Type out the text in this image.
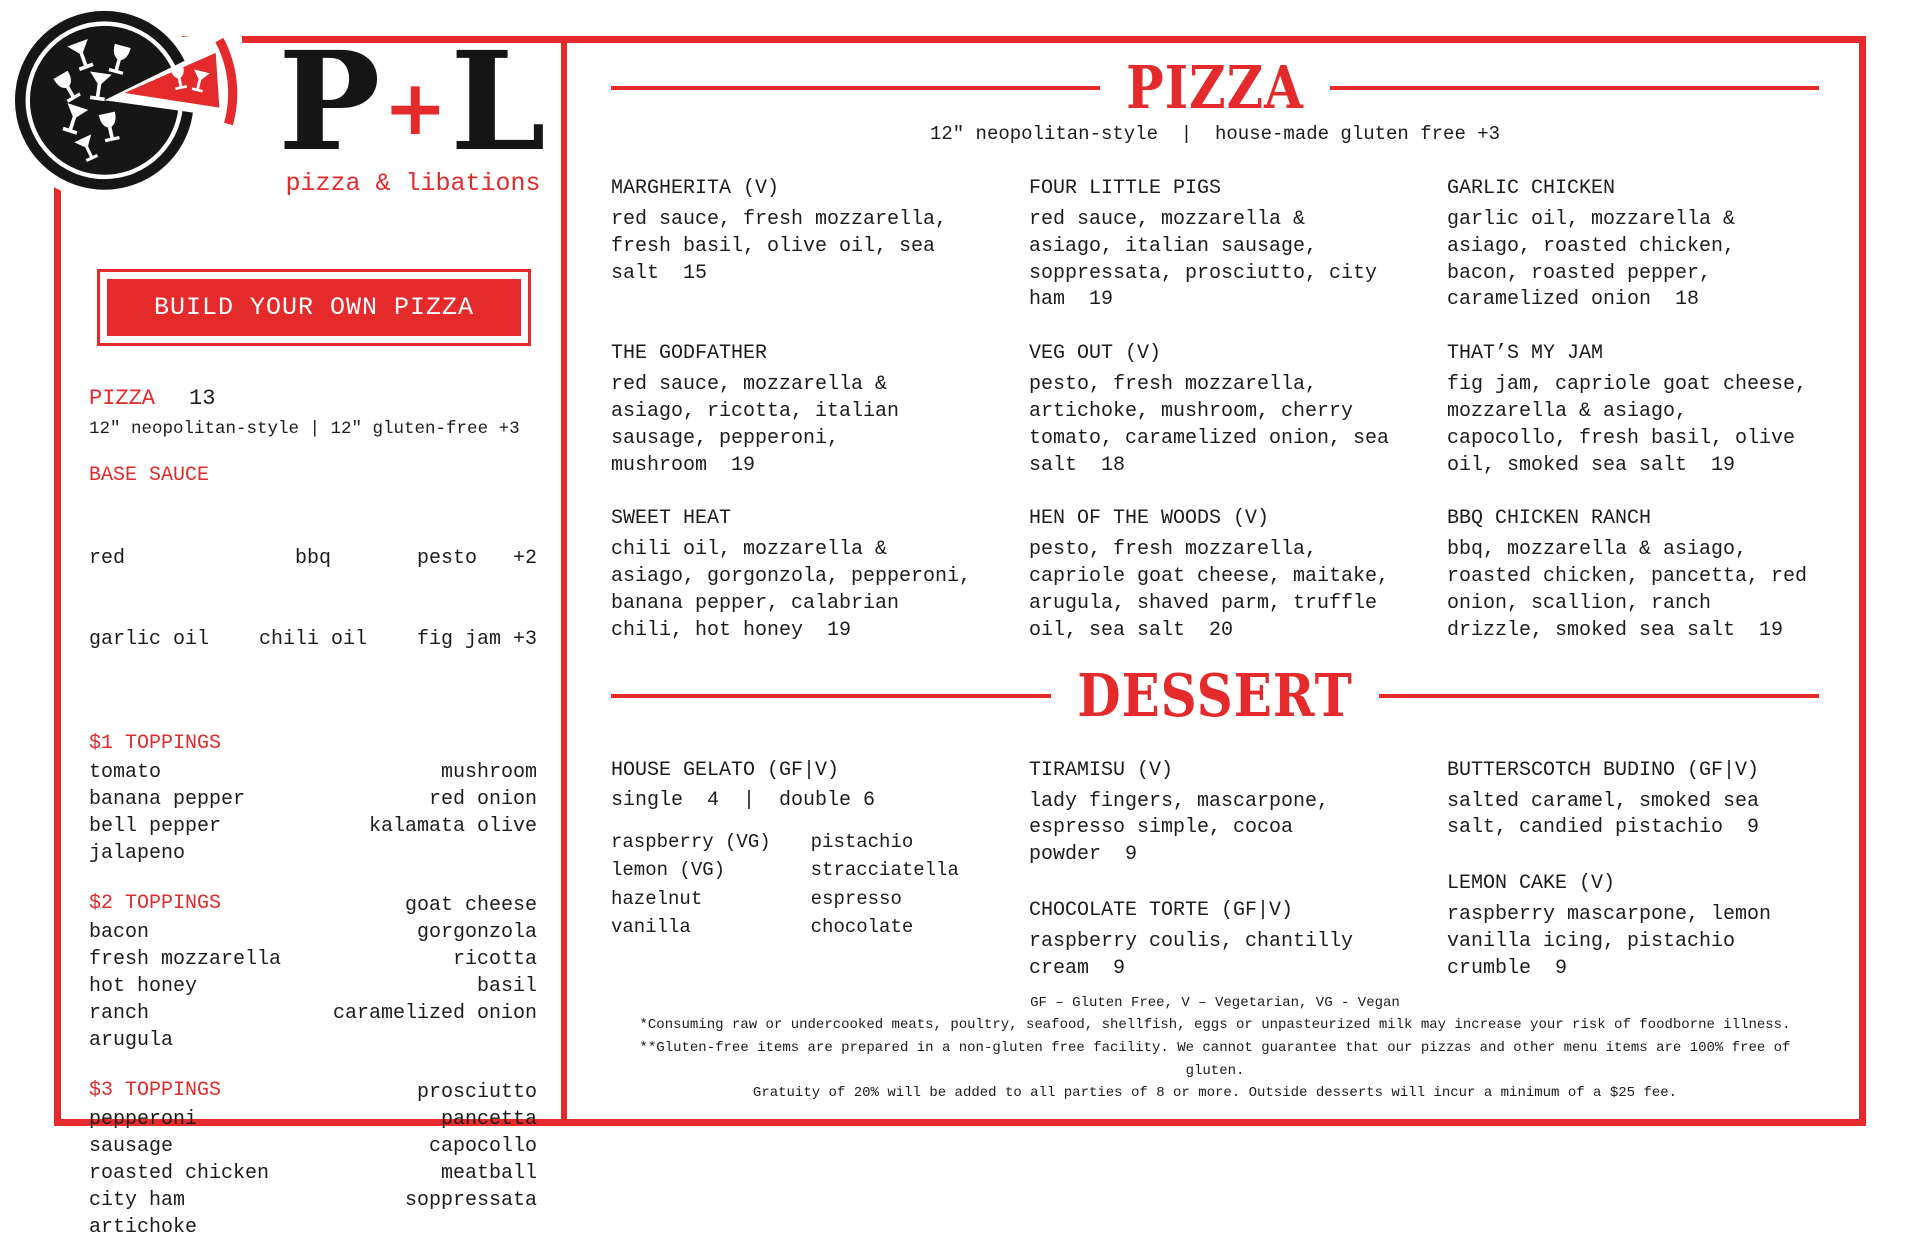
P+L
pizza & libations
BUILD YOUR OWN PIZZA
PIZZA 13
12" neopolitan-style | 12" gluten-free +3
BASE SAUCE

red

garlic oil

bbq

chili oil

pesto   +2

fig jam +3

$1 TOPPINGS
tomato
banana pepper
bell pepper
jalapeno
mushroom
red onion
kalamata olive
$2 TOPPINGS
bacon
fresh mozzarella
hot honey
ranch
arugula
goat cheese
gorgonzola
ricotta
basil
caramelized onion
$3 TOPPINGS
pepperoni
sausage
roasted chicken
city ham
artichoke
prosciutto
pancetta
capocollo
meatball
soppressata
PIZZA
12" neopolitan-style  |  house-made gluten free +3
MARGHERITA (V)
red sauce, fresh mozzarella, fresh basil, olive oil, sea salt 15
FOUR LITTLE PIGS
red sauce, mozzarella & asiago, italian sausage, soppressata, prosciutto, city ham 19
GARLIC CHICKEN
garlic oil, mozzarella & asiago, roasted chicken, bacon, roasted pepper, caramelized onion 18
THE GODFATHER
red sauce, mozzarella & asiago, ricotta, italian sausage, pepperoni, mushroom 19
VEG OUT (V)
pesto, fresh mozzarella, artichoke, mushroom, cherry tomato, caramelized onion, sea salt 18
THAT’S MY JAM
fig jam, capriole goat cheese, mozzarella & asiago, capocollo, fresh basil, olive oil, smoked sea salt 19
SWEET HEAT
chili oil, mozzarella & asiago, gorgonzola, pepperoni, banana pepper, calabrian chili, hot honey 19
HEN OF THE WOODS (V)
pesto, fresh mozzarella, capriole goat cheese, maitake, arugula, shaved parm, truffle oil, sea salt 20
BBQ CHICKEN RANCH
bbq, mozzarella & asiago, roasted chicken, pancetta, red onion, scallion, ranch drizzle, smoked sea salt 19
DESSERT
HOUSE GELATO (GF|V)
single  4  |  double 6
raspberry (VG)
lemon (VG)
hazelnut
vanilla
pistachio
stracciatella
espresso
chocolate
TIRAMISU (V)
lady fingers, mascarpone, espresso simple, cocoa powder 9
CHOCOLATE TORTE (GF|V)
raspberry coulis, chantilly cream 9
BUTTERSCOTCH BUDINO (GF|V)
salted caramel, smoked sea salt, candied pistachio 9
LEMON CAKE (V)
raspberry mascarpone, lemon vanilla icing, pistachio crumble 9
GF – Gluten Free, V – Vegetarian, VG - Vegan
*Consuming raw or undercooked meats, poultry, seafood, shellfish, eggs or unpasteurized milk may increase your risk of foodborne illness.
**Gluten-free items are prepared in a non-gluten free facility. We cannot guarantee that our pizzas and other menu items are 100% free of gluten.
Gratuity of 20% will be added to all parties of 8 or more. Outside desserts will incur a minimum of a $25 fee.
